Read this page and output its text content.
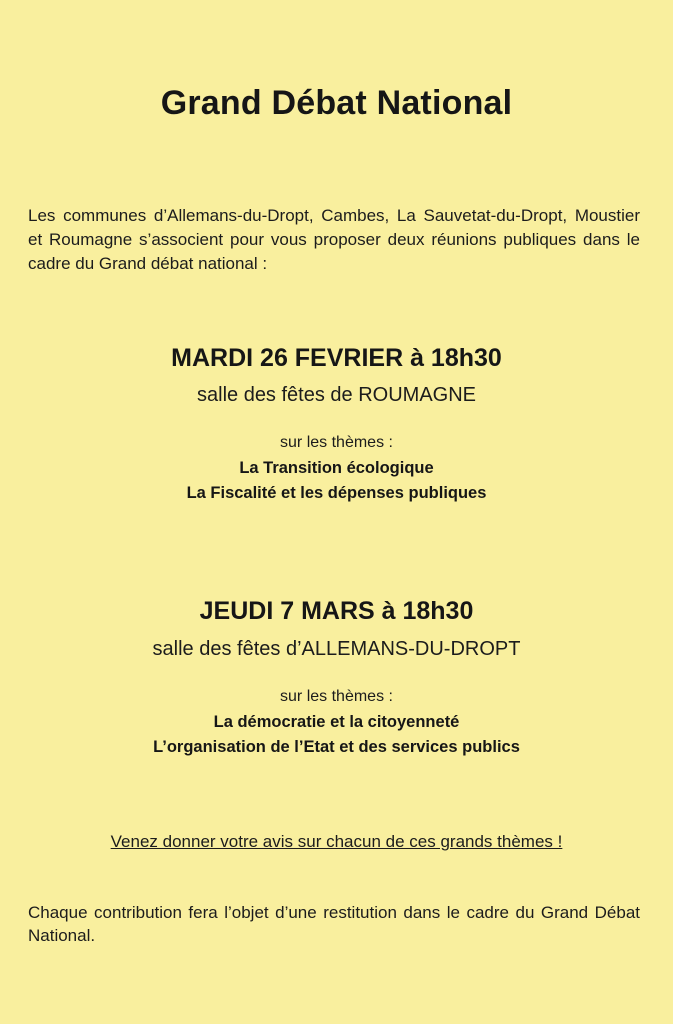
Grand Débat National
Les communes d’Allemans-du-Dropt, Cambes, La Sauvetat-du-Dropt, Moustier et Roumagne s’associent pour vous proposer deux réunions publiques dans le cadre du Grand débat national :
MARDI 26 FEVRIER à 18h30
salle des fêtes de ROUMAGNE
sur les thèmes :
La Transition écologique
La Fiscalité et les dépenses publiques
JEUDI 7 MARS à 18h30
salle des fêtes d’ALLEMANS-DU-DROPT
sur les thèmes :
La démocratie et la citoyenneté
L’organisation de l’Etat et des services publics
Venez donner votre avis sur chacun de ces grands thèmes !
Chaque contribution fera l’objet d’une restitution dans le cadre du Grand Débat National.
